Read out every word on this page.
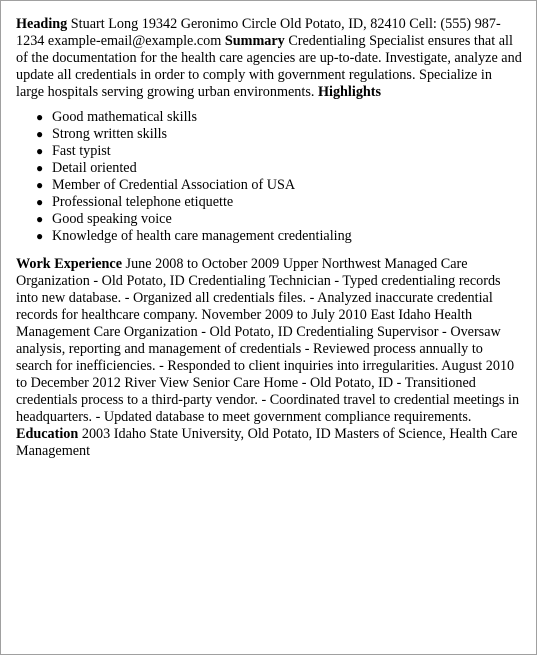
Heading Stuart Long 19342 Geronimo Circle Old Potato, ID, 82410 Cell: (555) 987-1234 example-email@example.com Summary Credentialing Specialist ensures that all of the documentation for the health care agencies are up-to-date. Investigate, analyze and update all credentials in order to comply with government regulations. Specialize in large hospitals serving growing urban environments. Highlights

● Good mathematical skills
● Strong written skills
● Fast typist
● Detail oriented
● Member of Credential Association of USA
● Professional telephone etiquette
● Good speaking voice
● Knowledge of health care management credentialing

Work Experience June 2008 to October 2009 Upper Northwest Managed Care Organization - Old Potato, ID Credentialing Technician - Typed credentialing records into new database. - Organized all credentials files. - Analyzed inaccurate credential records for healthcare company. November 2009 to July 2010 East Idaho Health Management Care Organization - Old Potato, ID Credentialing Supervisor - Oversaw analysis, reporting and management of credentials - Reviewed process annually to search for inefficiencies. - Responded to client inquiries into irregularities. August 2010 to December 2012 River View Senior Care Home - Old Potato, ID - Transitioned credentials process to a third-party vendor. - Coordinated travel to credential meetings in headquarters. - Updated database to meet government compliance requirements. Education 2003 Idaho State University, Old Potato, ID Masters of Science, Health Care Management
